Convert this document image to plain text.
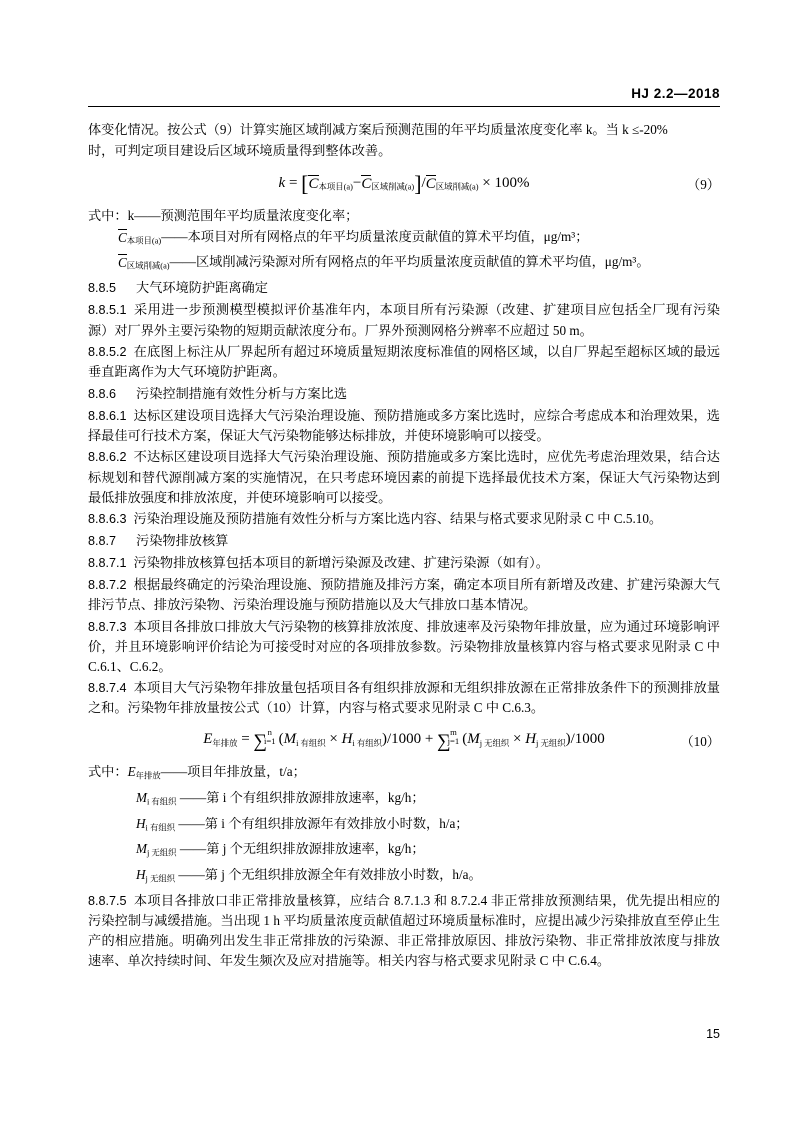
HJ 2.2—2018

体变化情况。按公式（9）计算实施区域削减方案后预测范围的年平均质量浓度变化率 k。当 k ≤-20%

时，可判定项目建设后区域环境质量得到整体改善。

$k = [C_{本项目(a)}-C_{区域削减(a)}]/C_{区域削减(a)} \times 100\%$	（9）

式中：k——预测范围年平均质量浓度变化率；

$C_{本项目(a)}——$本项目对所有网格点的年平均质量浓度贡献值的算术平均值，μg/m³；

$C_{区域削减(a)}——$区域削减污染源对所有网格点的年平均质量浓度贡献值的算术平均值，μg/m³。

8.8.5 大气环境防护距离确定

8.8.5.1 采用进一步预测模型模拟评价基准年内，本项目所有污染源（改建、扩建项目应包括全厂现有污染源）对厂界外主要污染物的短期贡献浓度分布。厂界外预测网格分辨率不应超过 50 m。

8.8.5.2 在底图上标注从厂界起所有超过环境质量短期浓度标准值的网格区域，以自厂界起至超标区域的最远垂直距离作为大气环境防护距离。

8.8.6 污染控制措施有效性分析与方案比选

8.8.6.1 达标区建设项目选择大气污染治理设施、预防措施或多方案比选时，应综合考虑成本和治理效果，选择最佳可行技术方案，保证大气污染物能够达标排放，并使环境影响可以接受。

8.8.6.2 不达标区建设项目选择大气污染治理设施、预防措施或多方案比选时，应优先考虑治理效果，结合达标规划和替代源削减方案的实施情况，在只考虑环境因素的前提下选择最优技术方案，保证大气污染物达到最低排放强度和排放浓度，并使环境影响可以接受。

8.8.6.3 污染治理设施及预防措施有效性分析与方案比选内容、结果与格式要求见附录 C 中 C.5.10。

8.8.7 污染物排放核算

8.8.7.1 污染物排放核算包括本项目的新增污染源及改建、扩建污染源（如有）。

8.8.7.2 根据最终确定的污染治理设施、预防措施及排污方案，确定本项目所有新增及改建、扩建污染源大气排污节点、排放污染物、污染治理设施与预防措施以及大气排放口基本情况。

8.8.7.3 本项目各排放口排放大气污染物的核算排放浓度、排放速率及污染物年排放量，应为通过环境影响评价，并且环境影响评价结论为可接受时对应的各项排放参数。污染物排放量核算内容与格式要求见附录 C 中 C.6.1、C.6.2。

8.8.7.4 本项目大气污染物年排放量包括项目各有组织排放源和无组织排放源在正常排放条件下的预测排放量之和。污染物年排放量按公式（10）计算，内容与格式要求见附录 C 中 C.6.3。

$E_{年排放} = \sum n$
i=1 $(M_{i 有组织} \times H_{i 有组织})/1000 + \sum m$
j=1 $(M_{j 无组织} \times H_{j 无组织})/1000$	（10）

式中：$E_{年排放}——$项目年排放量，t/a；

$M_{i 有组织}$ ——第 i 个有组织排放源排放速率，kg/h；

$H_{i 有组织}$ ——第 i 个有组织排放源年有效排放小时数，h/a；

$M_{j 无组织}$ ——第 j 个无组织排放源排放速率，kg/h；

$H_{j 无组织}$ ——第 j 个无组织排放源全年有效排放小时数，h/a。

8.8.7.5 本项目各排放口非正常排放量核算，应结合 8.7.1.3 和 8.7.2.4 非正常排放预测结果，优先提出相应的污染控制与减缓措施。当出现 1 h 平均质量浓度贡献值超过环境质量标准时，应提出减少污染排放直至停止生产的相应措施。明确列出发生非正常排放的污染源、非正常排放原因、排放污染物、非正常排放浓度与排放速率、单次持续时间、年发生频次及应对措施等。相关内容与格式要求见附录 C 中 C.6.4。

15
